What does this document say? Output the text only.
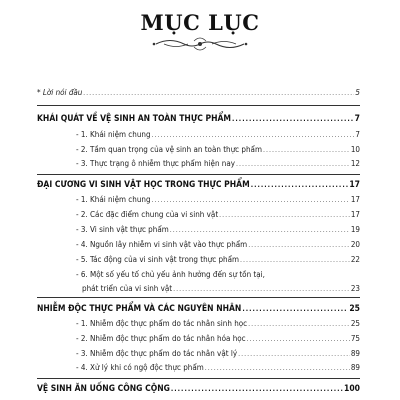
MỤC LỤC
* Lời nói đầu .....	5
KHÁI QUÁT VỀ VỆ SINH AN TOÀN THỰC PHẨM .....	7
- 1. Khái niệm chung .....	7
- 2. Tầm quan trọng của vệ sinh an toàn thực phẩm .....	10
- 3. Thực trạng ô nhiễm thực phẩm hiện nay .....	12
ĐẠI CƯƠNG VI SINH VẬT HỌC TRONG THỰC PHẨM .....	17
- 1. Khái niệm chung .....	17
- 2. Các đặc điểm chung của vi sinh vật .....	17
- 3. Vi sinh vật thực phẩm .....	19
- 4. Nguồn lây nhiễm vi sinh vật vào thực phẩm .....	20
- 5. Tác động của vi sinh vật trong thực phẩm .....	22
- 6. Một số yếu tố chủ yếu ảnh hưởng đến sự tồn tại,
phát triển của vi sinh vật .....	23
NHIỄM ĐỘC THỰC PHẨM VÀ CÁC NGUYÊN NHÂN .....	25
- 1. Nhiễm độc thực phẩm do tác nhân sinh học .....	25
- 2. Nhiễm độc thực phẩm do tác nhân hóa học .....	75
- 3. Nhiễm độc thực phẩm do tác nhân vật lý .....	89
- 4. Xử lý khi có ngộ độc thực phẩm .....	89
VỆ SINH ĂN UỐNG CÔNG CỘNG .....	100
